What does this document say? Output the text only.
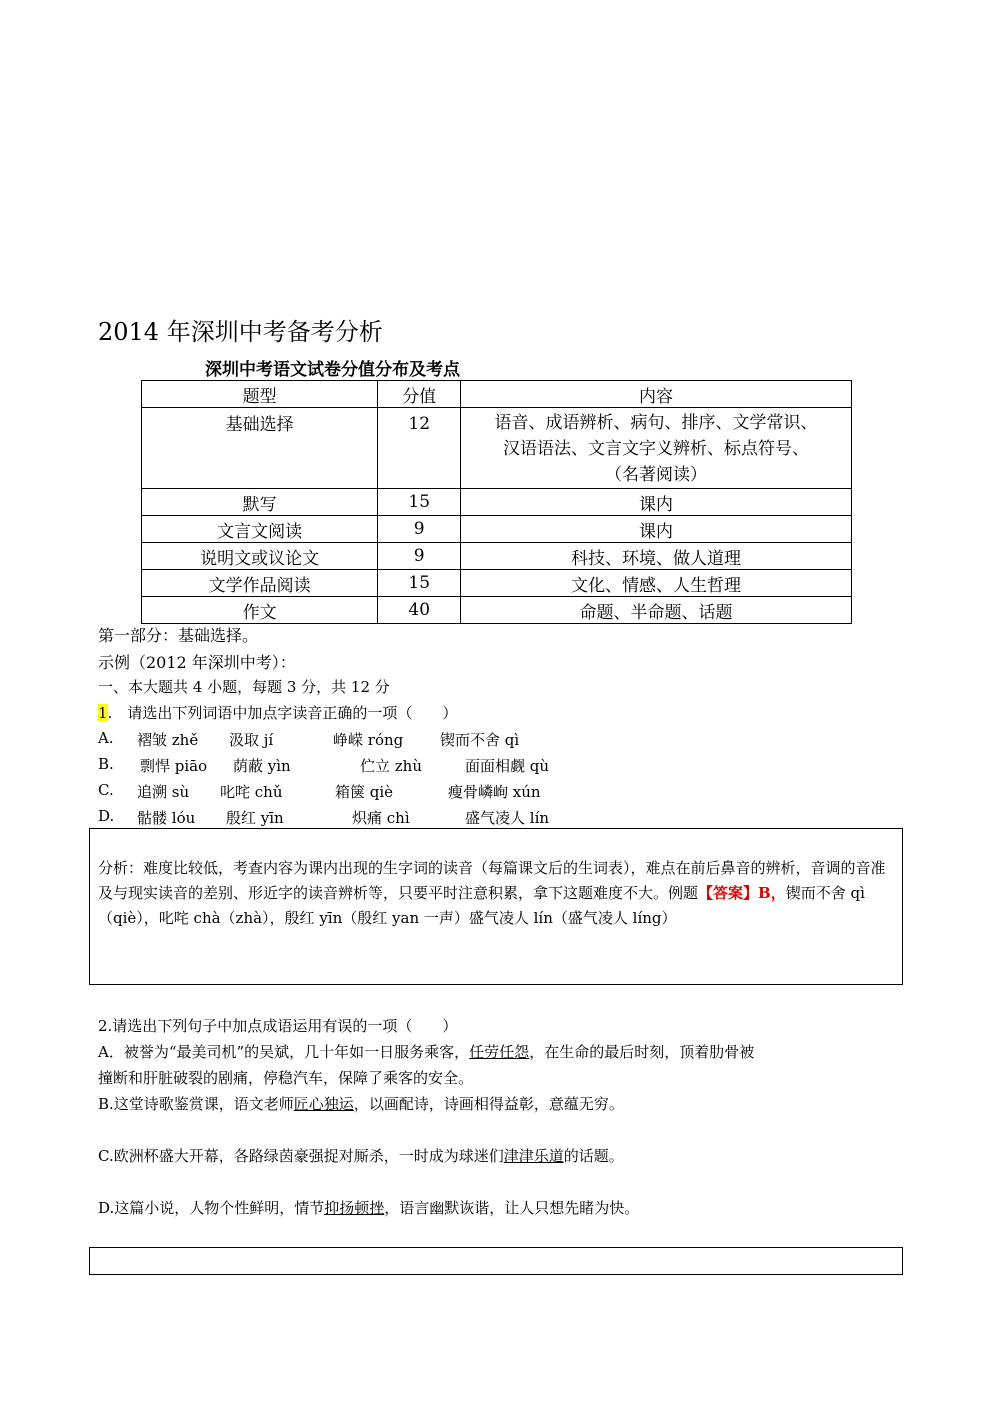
2014 年深圳中考备考分析
深圳中考语文试卷分值分布及考点
题型	分值	内容

基础选择	12	语音、成语辨析、病句、排序、文学常识、
汉语语法、文言文字义辨析、标点符号、
（名著阅读）

默写	15	课内
文言文阅读	9	课内
说明文或议论文	9	科技、环境、做人道理
文学作品阅读	15	文化、情感、人生哲理
作文	40	命题、半命题、话题
第一部分：基础选择。
示例（2012 年深圳中考）：
一、本大题共 4 小题，每题 3 分，共 12 分
1.　请选出下列词语中加点字读音正确的一项（　　）
A. 褶皱 zhě 汲取 jí	峥嵘 róng 锲而不舍 qì
B. 剽悍 piāo 荫蔽 yìn	伫立 zhù	面面相觑 qù
C. 追溯 sù 叱咤 chǔ	箱箧 qiè	瘦骨嶙峋 xún
D. 骷髅 lóu 殷红 yīn	炽痛 chì	盛气凌人 lín
分析：难度比较低，考查内容为课内出现的生字词的读音（每篇课文后的生词表），难点在前后鼻音的辨析，音调的音准及与现实读音的差别、形近字的读音辨析等，只要平时注意积累，拿下这题难度不大。例题【答案】B，锲而不舍 qì（qiè），叱咤 chà（zhà），殷红 yīn（殷红 yan 一声）盛气凌人 lín（盛气凌人 líng）
2.请选出下列句子中加点成语运用有误的一项（　　）
A．被誉为“最美司机”的吴斌，几十年如一日服务乘客，任劳任怨，在生命的最后时刻，顶着肋骨被
撞断和肝脏破裂的剧痛，停稳汽车，保障了乘客的安全。
B.这堂诗歌鉴赏课，语文老师匠心独运，以画配诗，诗画相得益彰，意蕴无穷。
C.欧洲杯盛大开幕，各路绿茵豪强捉对厮杀，一时成为球迷们津津乐道的话题。
D.这篇小说，人物个性鲜明，情节抑扬顿挫，语言幽默诙谐，让人只想先睹为快。
